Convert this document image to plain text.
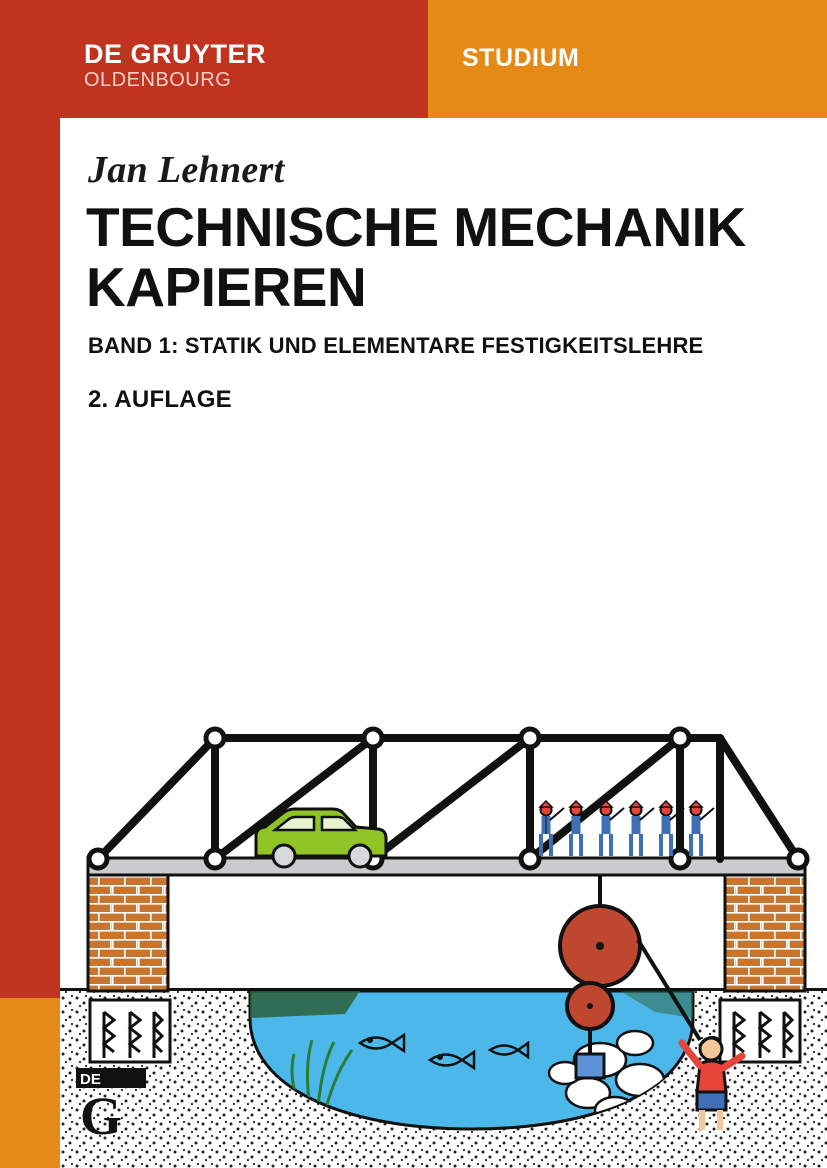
DE GRUYTER
OLDENBOURG
STUDIUM
Jan Lehnert
TECHNISCHE MECHANIK KAPIEREN
BAND 1: STATIK UND ELEMENTARE FESTIGKEITSLEHRE
2. AUFLAGE
DE
G
